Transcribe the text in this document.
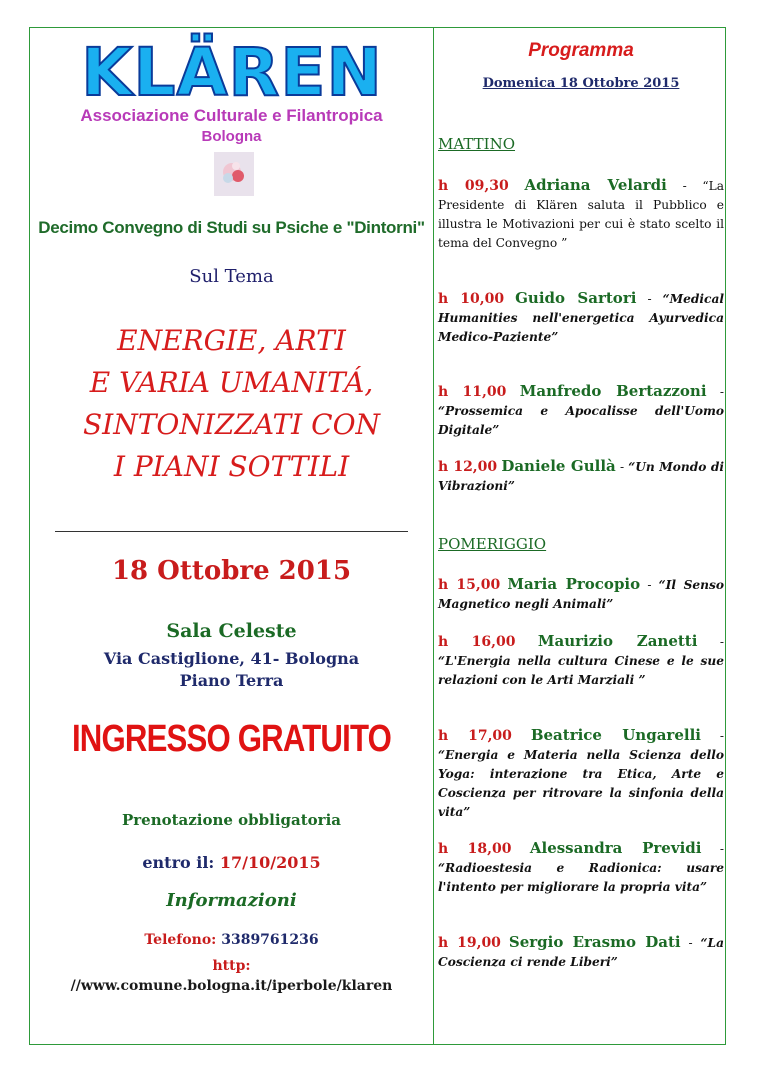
KLÄREN
Associazione Culturale e Filantropica
Bologna
Decimo Convegno di Studi su Psiche e "Dintorni"
Sul Tema
ENERGIE, ARTI
E VARIA UMANITÁ,
SINTONIZZATI CON
I PIANI SOTTILI
18 Ottobre 2015
Sala Celeste
Via Castiglione, 41- Bologna
Piano Terra
INGRESSO GRATUITO
Prenotazione obbligatoria
entro il: 17/10/2015
Informazioni
Telefono: 3389761236
http:
//www.comune.bologna.it/iperbole/klaren
Programma
Domenica 18 Ottobre 2015
MATTINO
h 09,30 Adriana Velardi - “La Presidente di Klären saluta il Pubblico e illustra le Motivazioni per cui è stato scelto il tema del Convegno ”
h 10,00 Guido Sartori - “Medical Humanities nell'energetica Ayurvedica Medico-Paziente”
h 11,00 Manfredo Bertazzoni - “Prossemica e Apocalisse dell'Uomo Digitale”
h 12,00 Daniele Gullà - “Un Mondo di Vibrazioni”
POMERIGGIO
h 15,00 Maria Procopio - “Il Senso Magnetico negli Animali”
h 16,00 Maurizio Zanetti - “L'Energia nella cultura Cinese e le sue relazioni con le Arti Marziali ”
h 17,00 Beatrice Ungarelli - “Energia e Materia nella Scienza dello Yoga: interazione tra Etica, Arte e Coscienza per ritrovare la sinfonia della vita”
h 18,00 Alessandra Previdi - “Radioestesia e Radionica: usare l'intento per migliorare la propria vita”
h 19,00 Sergio Erasmo Dati - “La Coscienza ci rende Liberi”
